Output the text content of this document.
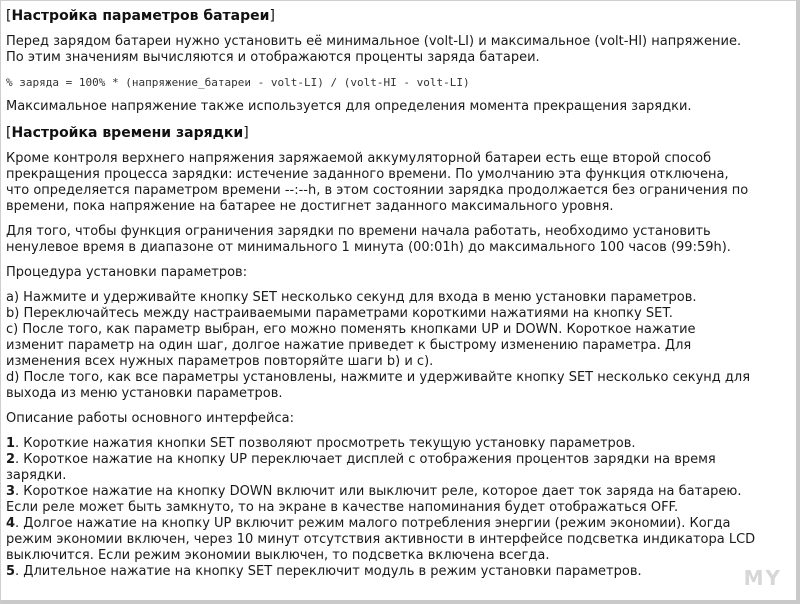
[Настройка параметров батареи]
Перед зарядом батареи нужно установить её минимальное (volt-LI) и максимальное (volt-HI) напряжение.
По этим значениям вычисляются и отображаются проценты заряда батареи.
% заряда = 100% * (напряжение_батареи - volt-LI) / (volt-HI - volt-LI)
Максимальное напряжение также используется для определения момента прекращения зарядки.
[Настройка времени зарядки]
Кроме контроля верхнего напряжения заряжаемой аккумуляторной батареи есть еще второй способ
прекращения процесса зарядки: истечение заданного времени. По умолчанию эта функция отключена,
что определяется параметром времени --:--h, в этом состоянии зарядка продолжается без ограничения по
времени, пока напряжение на батарее не достигнет заданного максимального уровня.
Для того, чтобы функция ограничения зарядки по времени начала работать, необходимо установить
ненулевое время в диапазоне от минимального 1 минута (00:01h) до максимального 100 часов (99:59h).
Процедура установки параметров:
a) Нажмите и удерживайте кнопку SET несколько секунд для входа в меню установки параметров.
b) Переключайтесь между настраиваемыми параметрами короткими нажатиями на кнопку SET.
c) После того, как параметр выбран, его можно поменять кнопками UP и DOWN. Короткое нажатие
изменит параметр на один шаг, долгое нажатие приведет к быстрому изменению параметра. Для
изменения всех нужных параметров повторяйте шаги b) и c).
d) После того, как все параметры установлены, нажмите и удерживайте кнопку SET несколько секунд для
выхода из меню установки параметров.
Описание работы основного интерфейса:
1. Короткие нажатия кнопки SET позволяют просмотреть текущую установку параметров.
2. Короткое нажатие на кнопку UP переключает дисплей с отображения процентов зарядки на время
зарядки.
3. Короткое нажатие на кнопку DOWN включит или выключит реле, которое дает ток заряда на батарею.
Если реле может быть замкнуто, то на экране в качестве напоминания будет отображаться OFF.
4. Долгое нажатие на кнопку UP включит режим малого потребления энергии (режим экономии). Когда
режим экономии включен, через 10 минут отсутствия активности в интерфейсе подсветка индикатора LCD
выключится. Если режим экономии выключен, то подсветка включена всегда.
5. Длительное нажатие на кнопку SET переключит модуль в режим установки параметров.	MY
